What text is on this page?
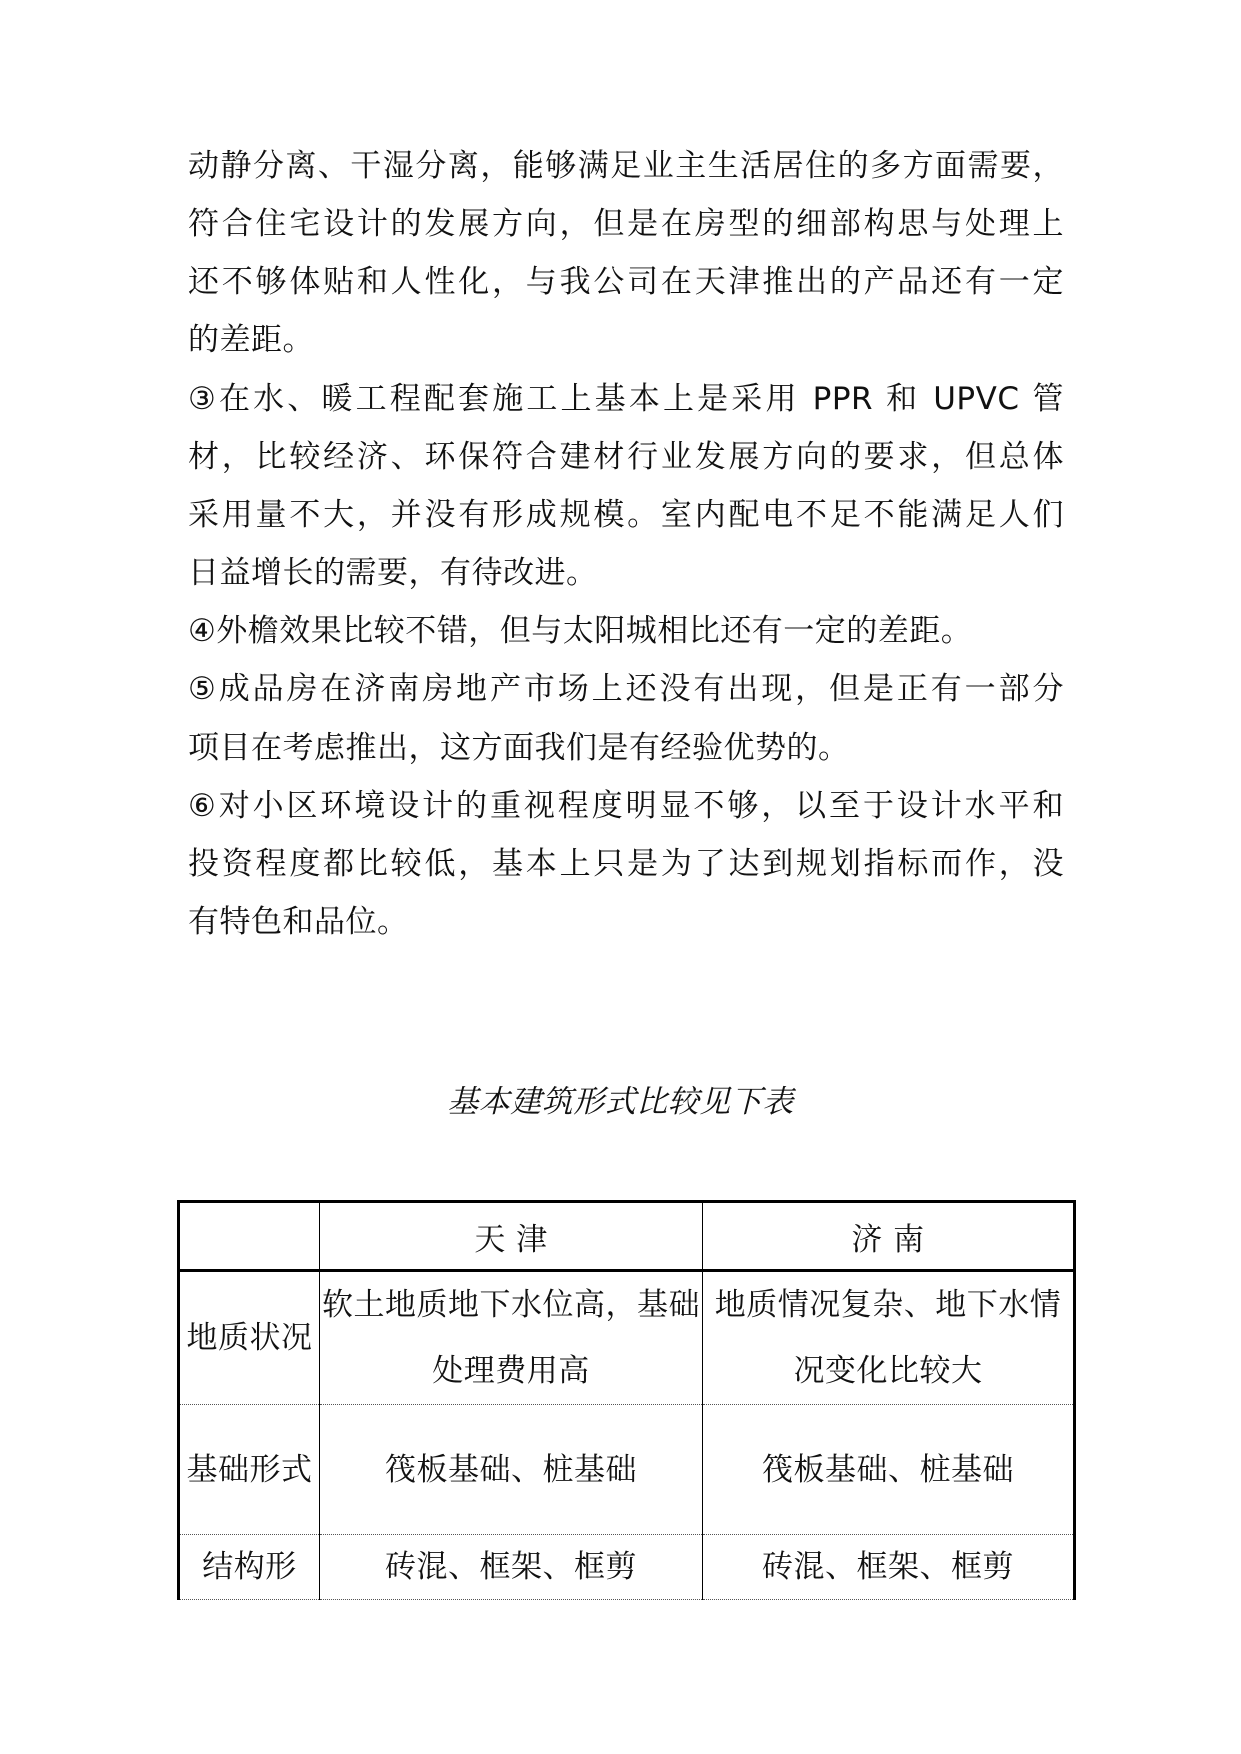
动静分离、干湿分离，能够满足业主生活居住的多方面需要，
符合住宅设计的发展方向，但是在房型的细部构思与处理上
还不够体贴和人性化，与我公司在天津推出的产品还有一定
的差距。
③在水、暖工程配套施工上基本上是采用 PPR 和 UPVC 管
材，比较经济、环保符合建材行业发展方向的要求，但总体
采用量不大，并没有形成规模。室内配电不足不能满足人们
日益增长的需要，有待改进。
④外檐效果比较不错，但与太阳城相比还有一定的差距。
⑤成品房在济南房地产市场上还没有出现，但是正有一部分
项目在考虑推出，这方面我们是有经验优势的。
⑥对小区环境设计的重视程度明显不够，以至于设计水平和
投资程度都比较低，基本上只是为了达到规划指标而作，没
有特色和品位。
基本建筑形式比较见下表
	天 津	济 南
地质状况	软土地质地下水位高，基础处理费用高	地质情况复杂、地下水情况变化比较大
基础形式	筏板基础、桩基础	筏板基础、桩基础
结构形	砖混、框架、框剪	砖混、框架、框剪
